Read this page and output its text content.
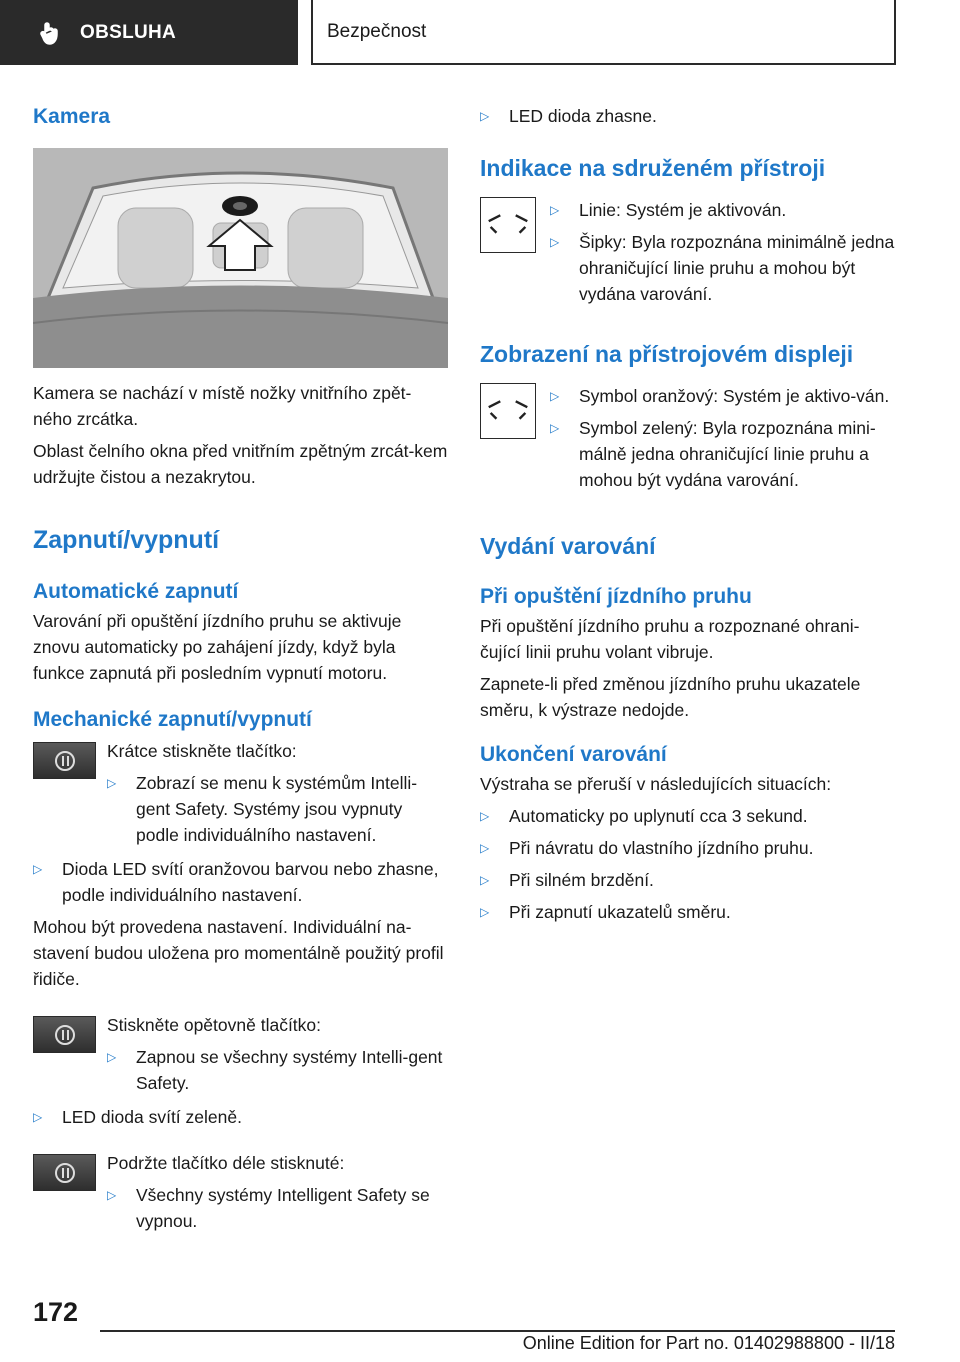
OBSLUHA	Bezpečnost
Kamera

Kamera se nachází v místě nožky vnitřního zpět-ného zrcátka.

Oblast čelního okna před vnitřním zpětným zrcát-kem udržujte čistou a nezakrytou.

Zapnutí/vypnutí
Automatické zapnutí

Varování při opuštění jízdního pruhu se aktivuje znovu automaticky po zahájení jízdy, když byla funkce zapnutá při posledním vypnutí motoru.

Mechanické zapnutí/vypnutí
Krátce stiskněte tlačítko:
▷ Zobrazí se menu k systémům Intelli-gent Safety. Systémy jsou vypnuty podle individuálního nastavení.
▷ Dioda LED svítí oranžovou barvou nebo zhasne, podle individuálního nastavení.

Mohou být provedena nastavení. Individuální na-stavení budou uložena pro momentálně použitý profil řidiče.

Stiskněte opětovně tlačítko:
▷ Zapnou se všechny systémy Intelli-gent Safety.
▷ LED dioda svítí zeleně.
Podržte tlačítko déle stisknuté:
▷ Všechny systémy Intelligent Safety se vypnou.
▷ LED dioda zhasne.
Indikace na sdruženém přístroji
▷ Linie: Systém je aktivován.
▷ Šipky: Byla rozpoznána minimálně jedna ohraničující linie pruhu a mohou být vydána varování.
Zobrazení na přístrojovém displeji
▷ Symbol oranžový: Systém je aktivo-ván.
▷ Symbol zelený: Byla rozpoznána mini-málně jedna ohraničující linie pruhu a mohou být vydána varování.
Vydání varování
Při opuštění jízdního pruhu

Při opuštění jízdního pruhu a rozpoznané ohrani-čující linii pruhu volant vibruje.

Zapnete-li před změnou jízdního pruhu ukazatele směru, k výstraze nedojde.

Ukončení varování

Výstraha se přeruší v následujících situacích:

▷ Automaticky po uplynutí cca 3 sekund.
▷ Při návratu do vlastního jízdního pruhu.
▷ Při silném brzdění.
▷ Při zapnutí ukazatelů směru.
172
Online Edition for Part no. 01402988800 - II/18
